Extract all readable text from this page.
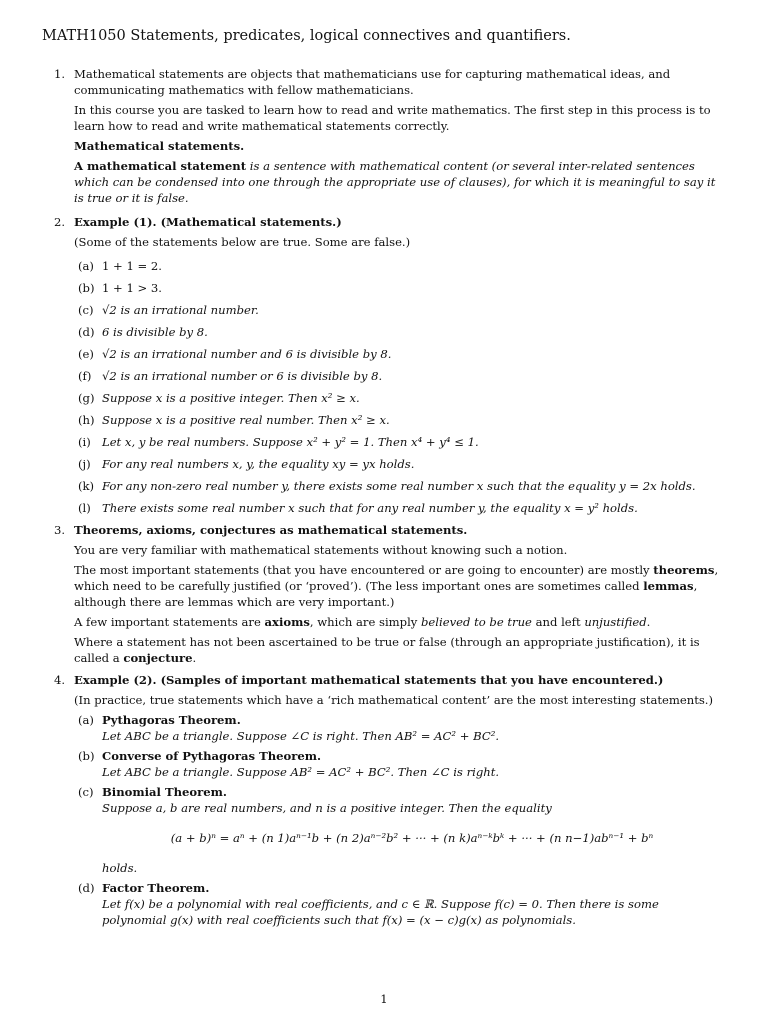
MATH1050 Statements, predicates, logical connectives and quantifiers.
1. Mathematical statements are objects that mathematicians use for capturing mathematical ideas, and communicating mathematics with fellow mathematicians.

In this course you are tasked to learn how to read and write mathematics. The first step in this process is to learn how to read and write mathematical statements correctly.

Mathematical statements.

A mathematical statement is a sentence with mathematical content (or several inter-related sentences which can be condensed into one through the appropriate use of clauses), for which it is meaningful to say it is true or it is false.

2. Example (1). (Mathematical statements.)

(Some of the statements below are true. Some are false.)

(a) 1 + 1 = 2.
(b) 1 + 1 > 3.
(c) √2 is an irrational number.
(d) 6 is divisible by 8.
(e) √2 is an irrational number and 6 is divisible by 8.
(f) √2 is an irrational number or 6 is divisible by 8.
(g) Suppose x is a positive integer. Then x² ≥ x.
(h) Suppose x is a positive real number. Then x² ≥ x.
(i) Let x, y be real numbers. Suppose x² + y² = 1. Then x⁴ + y⁴ ≤ 1.
(j) For any real numbers x, y, the equality xy = yx holds.
(k) For any non-zero real number y, there exists some real number x such that the equality y = 2x holds.
(l) There exists some real number x such that for any real number y, the equality x = y² holds.
3. Theorems, axioms, conjectures as mathematical statements.

You are very familiar with mathematical statements without knowing such a notion.

The most important statements (that you have encountered or are going to encounter) are mostly theorems, which need to be carefully justified (or ‘proved’). (The less important ones are sometimes called lemmas, although there are lemmas which are very important.)

A few important statements are axioms, which are simply believed to be true and left unjustified.

Where a statement has not been ascertained to be true or false (through an appropriate justification), it is called a conjecture.

4. Example (2). (Samples of important mathematical statements that you have encountered.)

(In practice, true statements which have a ‘rich mathematical content’ are the most interesting statements.)

(a) Pythagoras Theorem.
Let ABC be a triangle. Suppose ∠C is right. Then AB² = AC² + BC².
(b) Converse of Pythagoras Theorem.
Let ABC be a triangle. Suppose AB² = AC² + BC². Then ∠C is right.
(c) Binomial Theorem.
Suppose a, b are real numbers, and n is a positive integer. Then the equality
(a + b)ⁿ = aⁿ + (n 1)aⁿ⁻¹b + (n 2)aⁿ⁻²b² + ··· + (n k)aⁿ⁻ᵏbᵏ + ··· + (n n−1)abⁿ⁻¹ + bⁿ
holds.
(d) Factor Theorem.
Let f(x) be a polynomial with real coefficients, and c ∈ ℝ. Suppose f(c) = 0. Then there is some polynomial g(x) with real coefficients such that f(x) = (x − c)g(x) as polynomials.
1
